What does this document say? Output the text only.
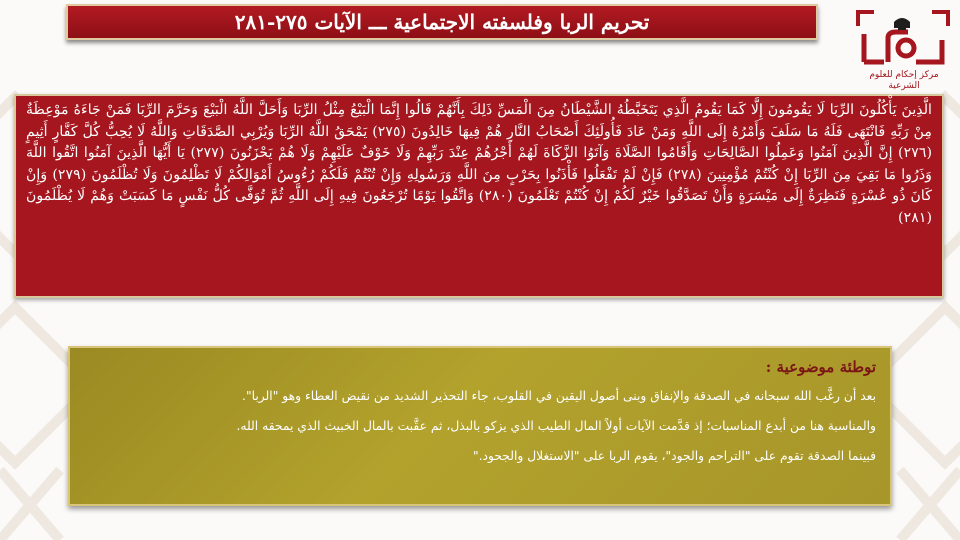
تحريم الربا وفلسفته الاجتماعية ـــ الآيات ٢٧٥-٢٨١
مركز إحكام للعلوم الشرعية
الَّذِينَ يَأْكُلُونَ الرِّبَا لَا يَقُومُونَ إِلَّا كَمَا يَقُومُ الَّذِي يَتَخَبَّطُهُ الشَّيْطَانُ مِنَ الْمَسِّ ذَلِكَ بِأَنَّهُمْ قَالُوا إِنَّمَا الْبَيْعُ مِثْلُ الرِّبَا وَأَحَلَّ اللَّهُ الْبَيْعَ وَحَرَّمَ الرِّبَا فَمَنْ جَاءَهُ مَوْعِظَةٌ مِنْ رَبِّهِ فَانْتَهَى فَلَهُ مَا سَلَفَ وَأَمْرُهُ إِلَى اللَّهِ وَمَنْ عَادَ فَأُولَئِكَ أَصْحَابُ النَّارِ هُمْ فِيهَا خَالِدُونَ (٢٧٥) يَمْحَقُ اللَّهُ الرِّبَا وَيُرْبِي الصَّدَقَاتِ وَاللَّهُ لَا يُحِبُّ كُلَّ كَفَّارٍ أَثِيمٍ (٢٧٦) إِنَّ الَّذِينَ آمَنُوا وَعَمِلُوا الصَّالِحَاتِ وَأَقَامُوا الصَّلَاةَ وَآتَوُا الزَّكَاةَ لَهُمْ أَجْرُهُمْ عِنْدَ رَبِّهِمْ وَلَا خَوْفٌ عَلَيْهِمْ وَلَا هُمْ يَحْزَنُونَ (٢٧٧) يَا أَيُّهَا الَّذِينَ آمَنُوا اتَّقُوا اللَّهَ وَذَرُوا مَا بَقِيَ مِنَ الرِّبَا إِنْ كُنْتُمْ مُؤْمِنِينَ (٢٧٨) فَإِنْ لَمْ تَفْعَلُوا فَأْذَنُوا بِحَرْبٍ مِنَ اللَّهِ وَرَسُولِهِ وَإِنْ تُبْتُمْ فَلَكُمْ رُءُوسُ أَمْوَالِكُمْ لَا تَظْلِمُونَ وَلَا تُظْلَمُونَ (٢٧٩) وَإِنْ كَانَ ذُو عُسْرَةٍ فَنَظِرَةٌ إِلَى مَيْسَرَةٍ وَأَنْ تَصَدَّقُوا خَيْرٌ لَكُمْ إِنْ كُنْتُمْ تَعْلَمُونَ (٢٨٠) وَاتَّقُوا يَوْمًا تُرْجَعُونَ فِيهِ إِلَى اللَّهِ ثُمَّ تُوَفَّى كُلُّ نَفْسٍ مَا كَسَبَتْ وَهُمْ لَا يُظْلَمُونَ (٢٨١)
توطئة موضوعية :
بعد أن رغَّب الله سبحانه في الصدقة والإنفاق وبنى أصول اليقين في القلوب، جاء التحذير الشديد من نقيض العطاء وهو "الربا".
والمناسبة هنا من أبدع المناسبات؛ إذ قدَّمت الآيات أولاً المال الطيب الذي يزكو بالبذل، ثم عقَّبت بالمال الخبيث الذي يمحقه الله.
فبينما الصدقة تقوم على "التراحم والجود"، يقوم الربا على "الاستغلال والجحود."
